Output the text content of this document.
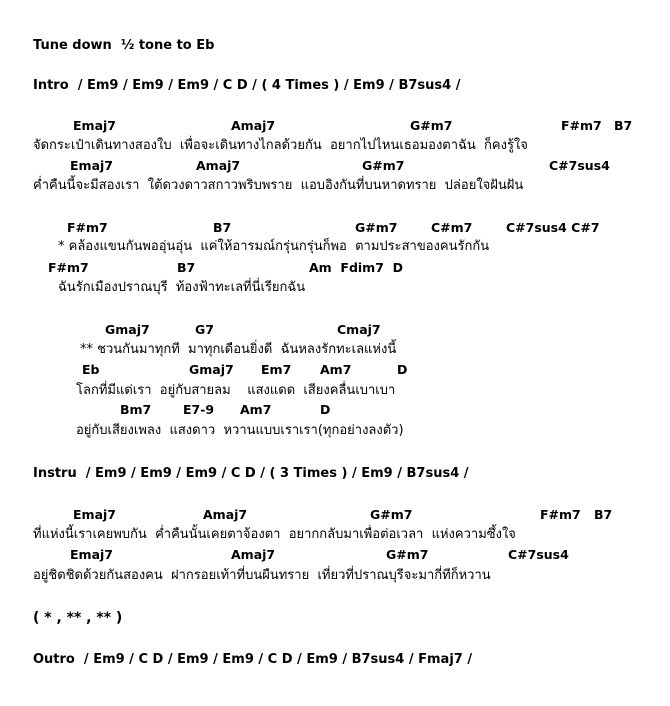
Tune down  ½ tone to Eb
Intro  / Em9 / Em9 / Em9 / C D / ( 4 Times ) / Em9 / B7sus4 /
Emaj7	Amaj7	G#m7	F#m7 B7
จัดกระเป๋าเดินทางสองใบ  เพื่อจะเดินทางไกลด้วยกัน  อยากไปไหนเธอมองตาฉัน  ก็คงรู้ใจ
Emaj7	Amaj7	G#m7	C#7sus4
ค่ำคืนนี้จะมีสองเรา  ใต้ดวงดาวสกาวพริบพราย  แอบอิงกันที่บนหาดทราย  ปล่อยใจฝันฝัน
F#m7	B7	G#m7	C#m7	C#7sus4 C#7
* คล้องแขนกันพออุ่นอุ่น  แค่ให้อารมณ์กรุ่นกรุ่นก็พอ  ตามประสาของคนรักกัน
F#m7	B7	Am  Fdim7  D
ฉันรักเมืองปราณบุรี  ท้องฟ้าทะเลที่นี่เรียกฉัน
Gmaj7	G7	Cmaj7
** ชวนกันมาทุกที  มาทุกเดือนยิ่งดี  ฉันหลงรักทะเลแห่งนี้
Eb	Gmaj7 Em7 Am7	D
โลกที่มีแด่เรา  อยู่กับสายลม    แสงแดด  เสียงคลื่นเบาเบา
Bm7	E7-9 Am7	D
อยู่กับเสียงเพลง  แสงดาว  หวานแบบเราเรา(ทุกอย่างลงตัว)
Instru  / Em9 / Em9 / Em9 / C D / ( 3 Times ) / Em9 / B7sus4 /
Emaj7	Amaj7	G#m7	F#m7 B7
ที่แห่งนี้เราเคยพบกัน  ค่ำคืนนั้นเคยตาจ้องตา  อยากกลับมาเพื่อต่อเวลา  แห่งความซึ้งใจ
Emaj7	Amaj7	G#m7	C#7sus4
อยู่ชิดชิดด้วยกันสองคน  ฝากรอยเท้าที่บนผืนทราย  เที่ยวที่ปราณบุรีจะมากี่ทีก็หวาน
( * , ** , ** )
Outro  / Em9 / C D / Em9 / Em9 / C D / Em9 / B7sus4 / Fmaj7 /
